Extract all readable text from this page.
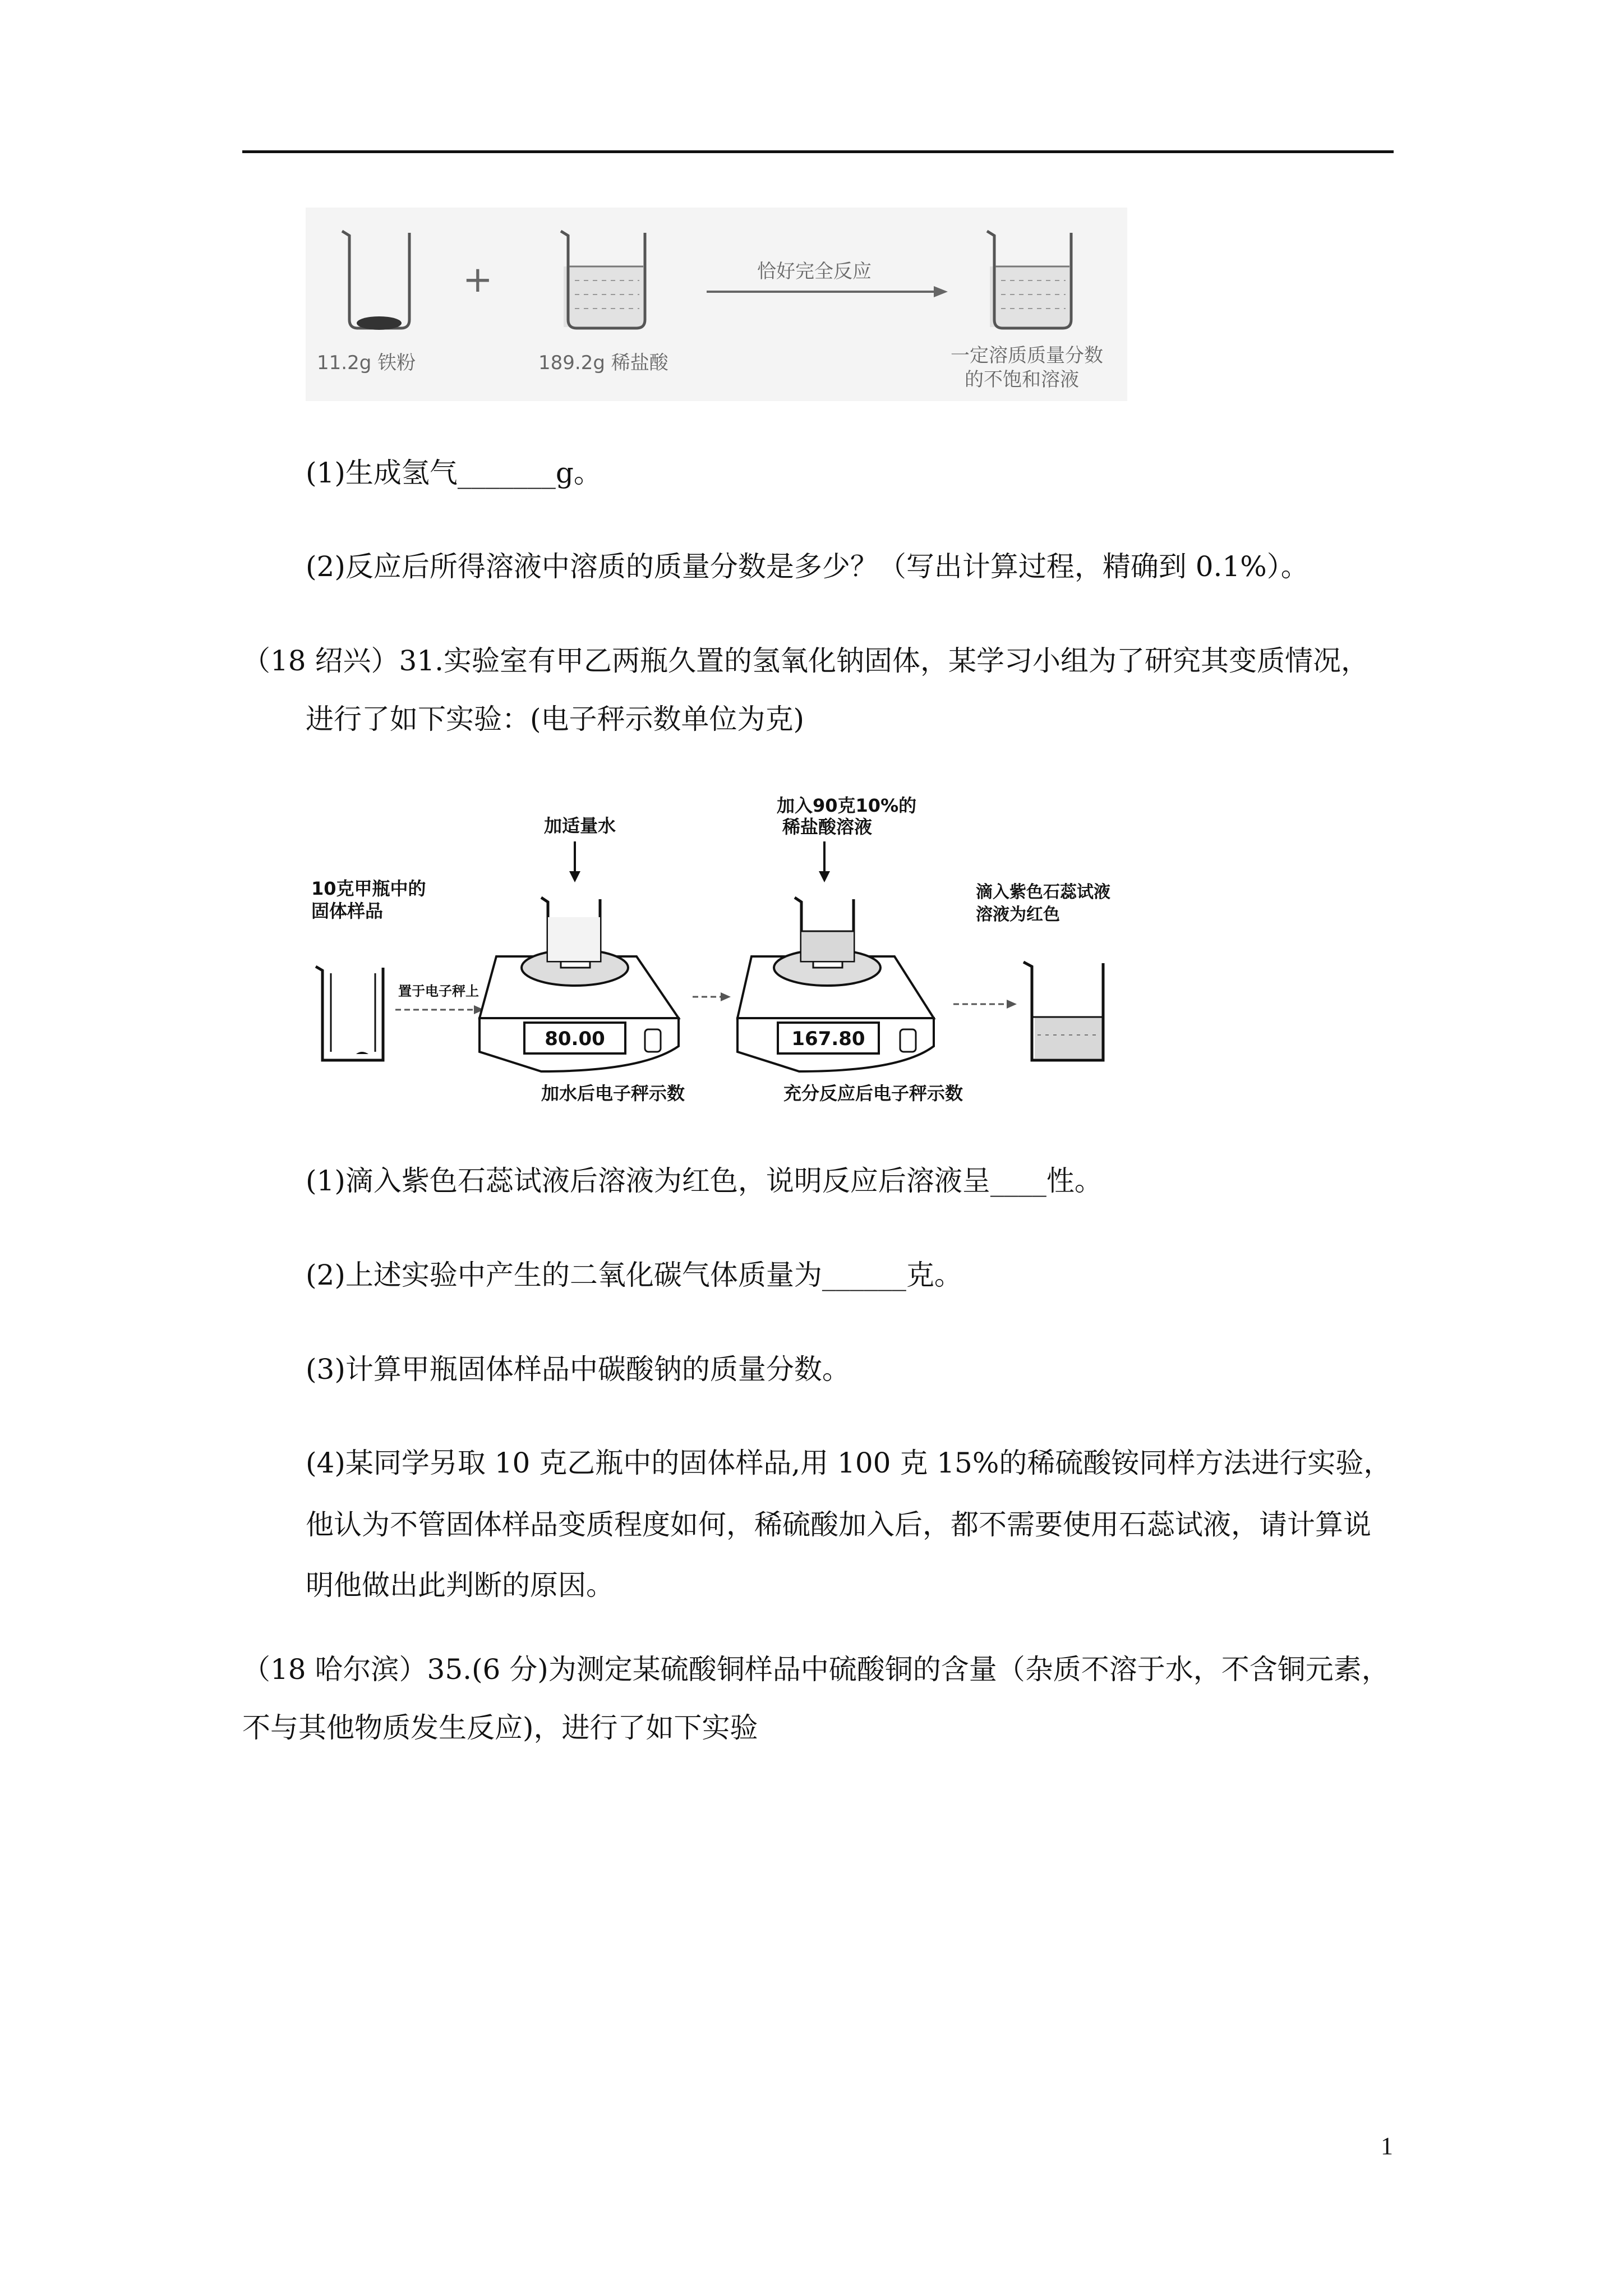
11.2g 铁粉
+
189.2g 稀盐酸
恰好完全反应
一定溶质质量分数
的不饱和溶液
(1)生成氢气_______g。
(2)反应后所得溶液中溶质的质量分数是多少？（写出计算过程，精确到 0.1%）。
（18 绍兴）31.实验室有甲乙两瓶久置的氢氧化钠固体，某学习小组为了研究其变质情况，
进行了如下实验：(电子秤示数单位为克)
10克甲瓶中的
固体样品
置于电子秤上
加适量水
80.00
加水后电子秤示数
加入90克10%的
稀盐酸溶液
167.80
充分反应后电子秤示数
滴入紫色石蕊试液
溶液为红色
(1)滴入紫色石蕊试液后溶液为红色，说明反应后溶液呈____性。
(2)上述实验中产生的二氧化碳气体质量为______克。
(3)计算甲瓶固体样品中碳酸钠的质量分数。
(4)某同学另取 10 克乙瓶中的固体样品,用 100 克 15%的稀硫酸铵同样方法进行实验，
他认为不管固体样品变质程度如何，稀硫酸加入后，都不需要使用石蕊试液，请计算说
明他做出此判断的原因。
（18 哈尔滨）35.(6 分)为测定某硫酸铜样品中硫酸铜的含量（杂质不溶于水，不含铜元素，
不与其他物质发生反应)，进行了如下实验
1
